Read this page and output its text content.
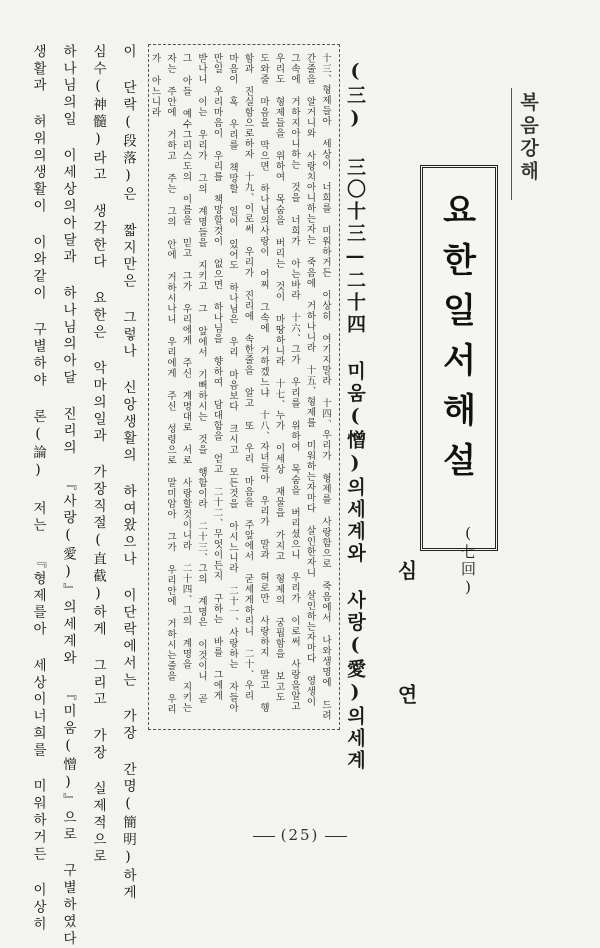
복음강해
요한일서해설
(七回)
심 연
(三) 三〇十三—二十四 미움(憎)의세계와 사랑(愛)의세계
十三、형제들아 세상이 너희를 미워하거든 이상히 여기지말라 十四、우리가 형제를 사랑함으로 죽음에서 나와생명에 드려간줄을 알거니와 사랑치아니하는자는 죽음에 거하나니라 十五、형제를 미워하는자마다 살인한자니 살인하는자마다 영생이 그속에 거하지아니하는 것을 너희가 아는바라 十六、그가 우리를 위하여 목숨을 버리셨으니 우리가 이로써 사랑을알고 우리도 형제들을 위하여 목숨을 버리는 것이 마땅하니라 十七、누가 이세상 재물을 가지고 형제의 궁핍함을 보고도 도와줄 마음을 막으면 하나님의사랑이 어찌 그속에 거하겠느냐 十八、자녀들아 우리가 말과 혀로만 사랑하지 말고 행함과 진실함으로하자 十九、이로써 우리가 진리에 속한줄을 알고 또 우리 마음을 주앞에서 굳세게하리니 二十、우리 마음이 혹 우리를 책망할 일이 있어도 하나님은 우리 마음보다 크시고 모든것을 아시느니라 二十一、사랑하는 자들아 만일 우리마음이 우리를 책망할것이 없으면 하나님을 향하여 담대함을 얻고 二十二、무엇이든지 구하는 바를 그에게 받나니 이는 우리가 그의 계명들을 지키고 그 앞에서 기뻐하시는 것을 행함이라 二十三、그의 계명은 이것이니 곧 그 아들 예수그리스도의 이름을 믿고 그가 우리에게 주신 계명대로 서로 사랑할것이니라 二十四、그의 계명을 지키는 자는 주안에 거하고 주는 그의 안에 거하시나니 우리에게 주신 성령으로 말미암아 그가 우리안에 거하시는줄을 우리가 아느니라
이 단락(段落)은 짧지만은 그렇나 신앙생활의 하여왔으나 이단락에서는 가장 간명(簡明)하게
심수(神髓)라고 생각한다 요한은 악마의일과 가장직절(直截)하게 그리고 가장 실제적으로
하나님의일 이세상의아달과 하나님의아달 진리의 『사랑(愛)』의세계와 『미움(憎)』으로 구별하였다
생활과 허위의생활이 이와같이 구별하야 론(論) 저는 『형제를아 세상이너희를 미워하거든 이상히	(25)
